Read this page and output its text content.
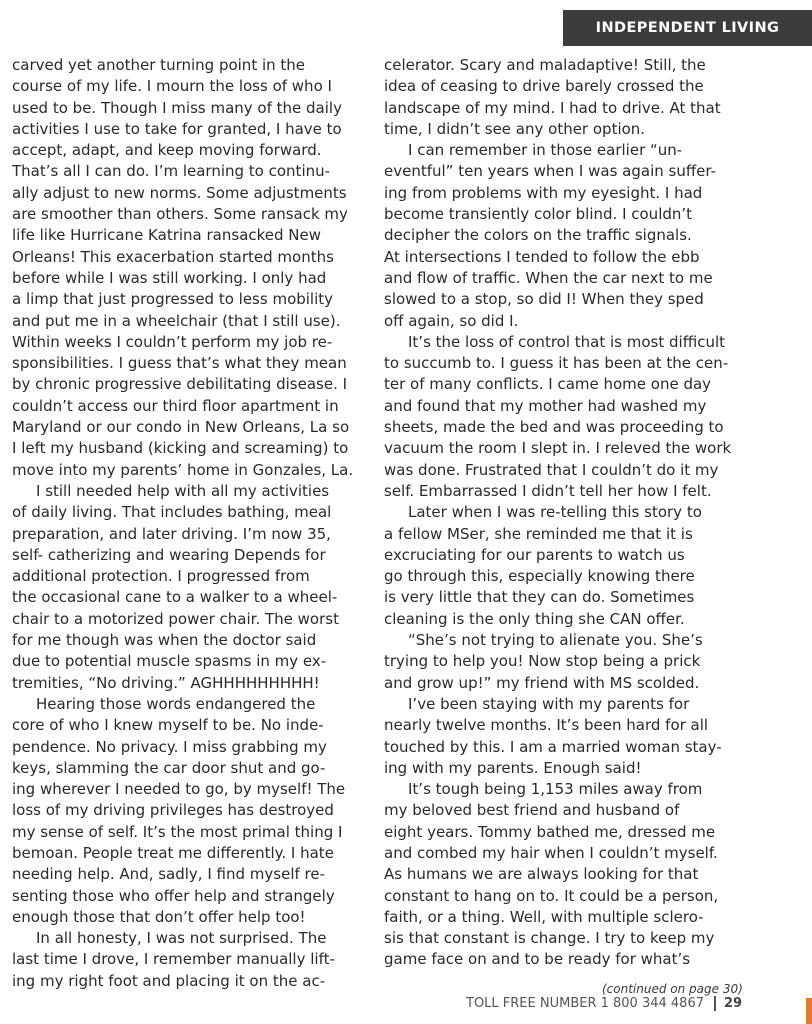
INDEPENDENT LIVING
carved yet another turning point in the
course of my life. I mourn the loss of who I
used to be. Though I miss many of the daily
activities I use to take for granted, I have to
accept, adapt, and keep moving forward.
That’s all I can do. I’m learning to continu-
ally adjust to new norms. Some adjustments
are smoother than others. Some ransack my
life like Hurricane Katrina ransacked New
Orleans! This exacerbation started months
before while I was still working. I only had
a limp that just progressed to less mobility
and put me in a wheelchair (that I still use).
Within weeks I couldn’t perform my job re-
sponsibilities. I guess that’s what they mean
by chronic progressive debilitating disease. I
couldn’t access our third floor apartment in
Maryland or our condo in New Orleans, La so
I left my husband (kicking and screaming) to
move into my parents’ home in Gonzales, La.
I still needed help with all my activities
of daily living. That includes bathing, meal
preparation, and later driving. I’m now 35,
self- catherizing and wearing Depends for
additional protection. I progressed from
the occasional cane to a walker to a wheel-
chair to a motorized power chair. The worst
for me though was when the doctor said
due to potential muscle spasms in my ex-
tremities, “No driving.” AGHHHHHHHHH!
Hearing those words endangered the
core of who I knew myself to be. No inde-
pendence. No privacy. I miss grabbing my
keys, slamming the car door shut and go-
ing wherever I needed to go, by myself! The
loss of my driving privileges has destroyed
my sense of self. It’s the most primal thing I
bemoan. People treat me differently. I hate
needing help. And, sadly, I find myself re-
senting those who offer help and strangely
enough those that don’t offer help too!
In all honesty, I was not surprised. The
last time I drove, I remember manually lift-
ing my right foot and placing it on the ac-
celerator. Scary and maladaptive! Still, the
idea of ceasing to drive barely crossed the
landscape of my mind. I had to drive. At that
time, I didn’t see any other option.
I can remember in those earlier “un-
eventful” ten years when I was again suffer-
ing from problems with my eyesight. I had
become transiently color blind. I couldn’t
decipher the colors on the traffic signals.
At intersections I tended to follow the ebb
and flow of traffic. When the car next to me
slowed to a stop, so did I! When they sped
off again, so did I.
It’s the loss of control that is most difficult
to succumb to. I guess it has been at the cen-
ter of many conflicts. I came home one day
and found that my mother had washed my
sheets, made the bed and was proceeding to
vacuum the room I slept in. I releved the work
was done. Frustrated that I couldn’t do it my
self. Embarrassed I didn’t tell her how I felt.
Later when I was re-telling this story to
a fellow MSer, she reminded me that it is
excruciating for our parents to watch us
go through this, especially knowing there
is very little that they can do. Sometimes
cleaning is the only thing she CAN offer.
“She’s not trying to alienate you. She’s
trying to help you! Now stop being a prick
and grow up!” my friend with MS scolded.
I’ve been staying with my parents for
nearly twelve months. It’s been hard for all
touched by this. I am a married woman stay-
ing with my parents. Enough said!
It’s tough being 1,153 miles away from
my beloved best friend and husband of
eight years. Tommy bathed me, dressed me
and combed my hair when I couldn’t myself.
As humans we are always looking for that
constant to hang on to. It could be a person,
faith, or a thing. Well, with multiple sclero-
sis that constant is change. I try to keep my
game face on and to be ready for what’s
(continued on page 30)
TOLL FREE NUMBER 1 800 344 4867 29
